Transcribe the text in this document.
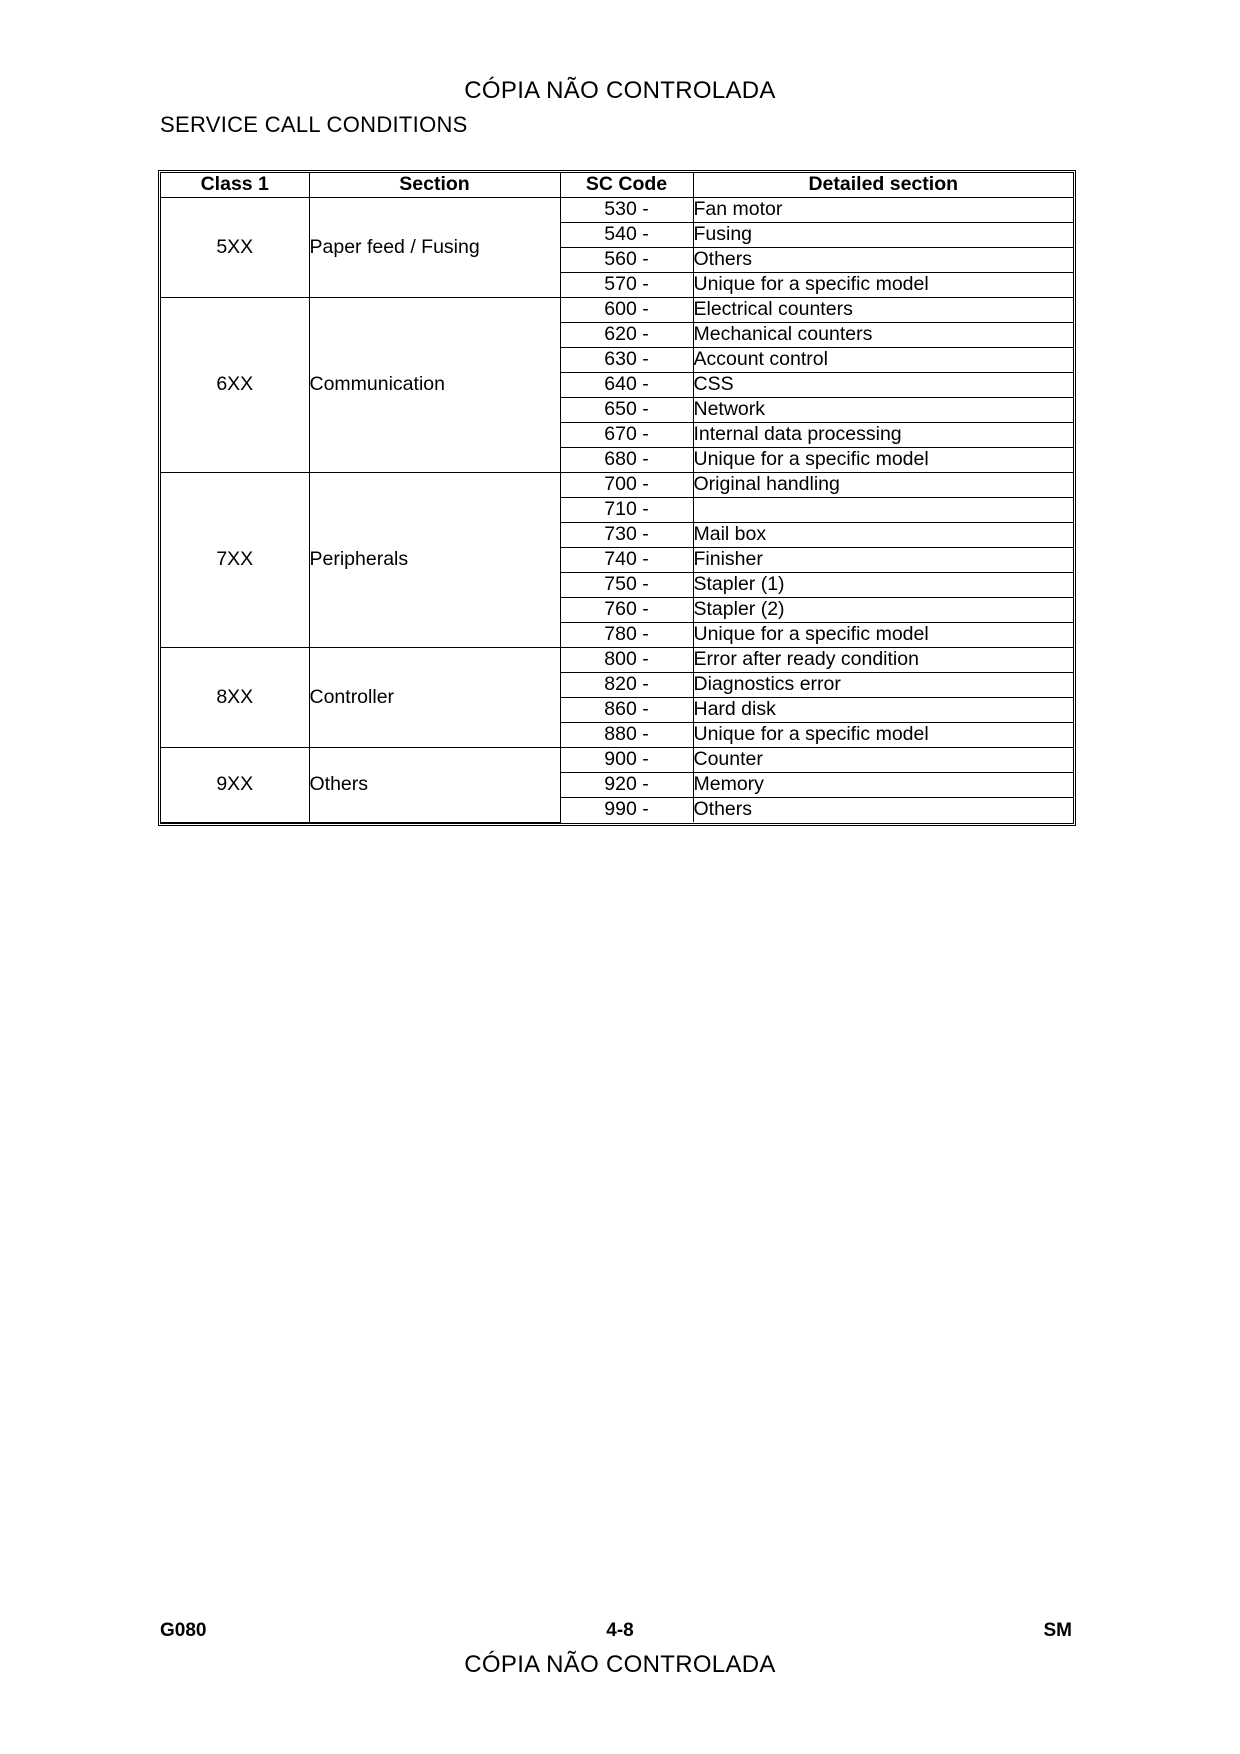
CÓPIA NÃO CONTROLADA
SERVICE CALL CONDITIONS
Class 1	Section	SC Code	Detailed section
5XX	Paper feed / Fusing	530 -	Fan motor
		540 -	Fusing
		560 -	Others
		570 -	Unique for a specific model
6XX	Communication	600 -	Electrical counters
		620 -	Mechanical counters
		630 -	Account control
		640 -	CSS
		650 -	Network
		670 -	Internal data processing
		680 -	Unique for a specific model
7XX	Peripherals	700 -	Original handling
		710 -	
		730 -	Mail box
		740 -	Finisher
		750 -	Stapler (1)
		760 -	Stapler (2)
		780 -	Unique for a specific model
8XX	Controller	800 -	Error after ready condition
		820 -	Diagnostics error
		860 -	Hard disk
		880 -	Unique for a specific model
9XX	Others	900 -	Counter
		920 -	Memory
		990 -	Others
CÓPIA NÃO CONTROLADA
G080	4-8	SM
